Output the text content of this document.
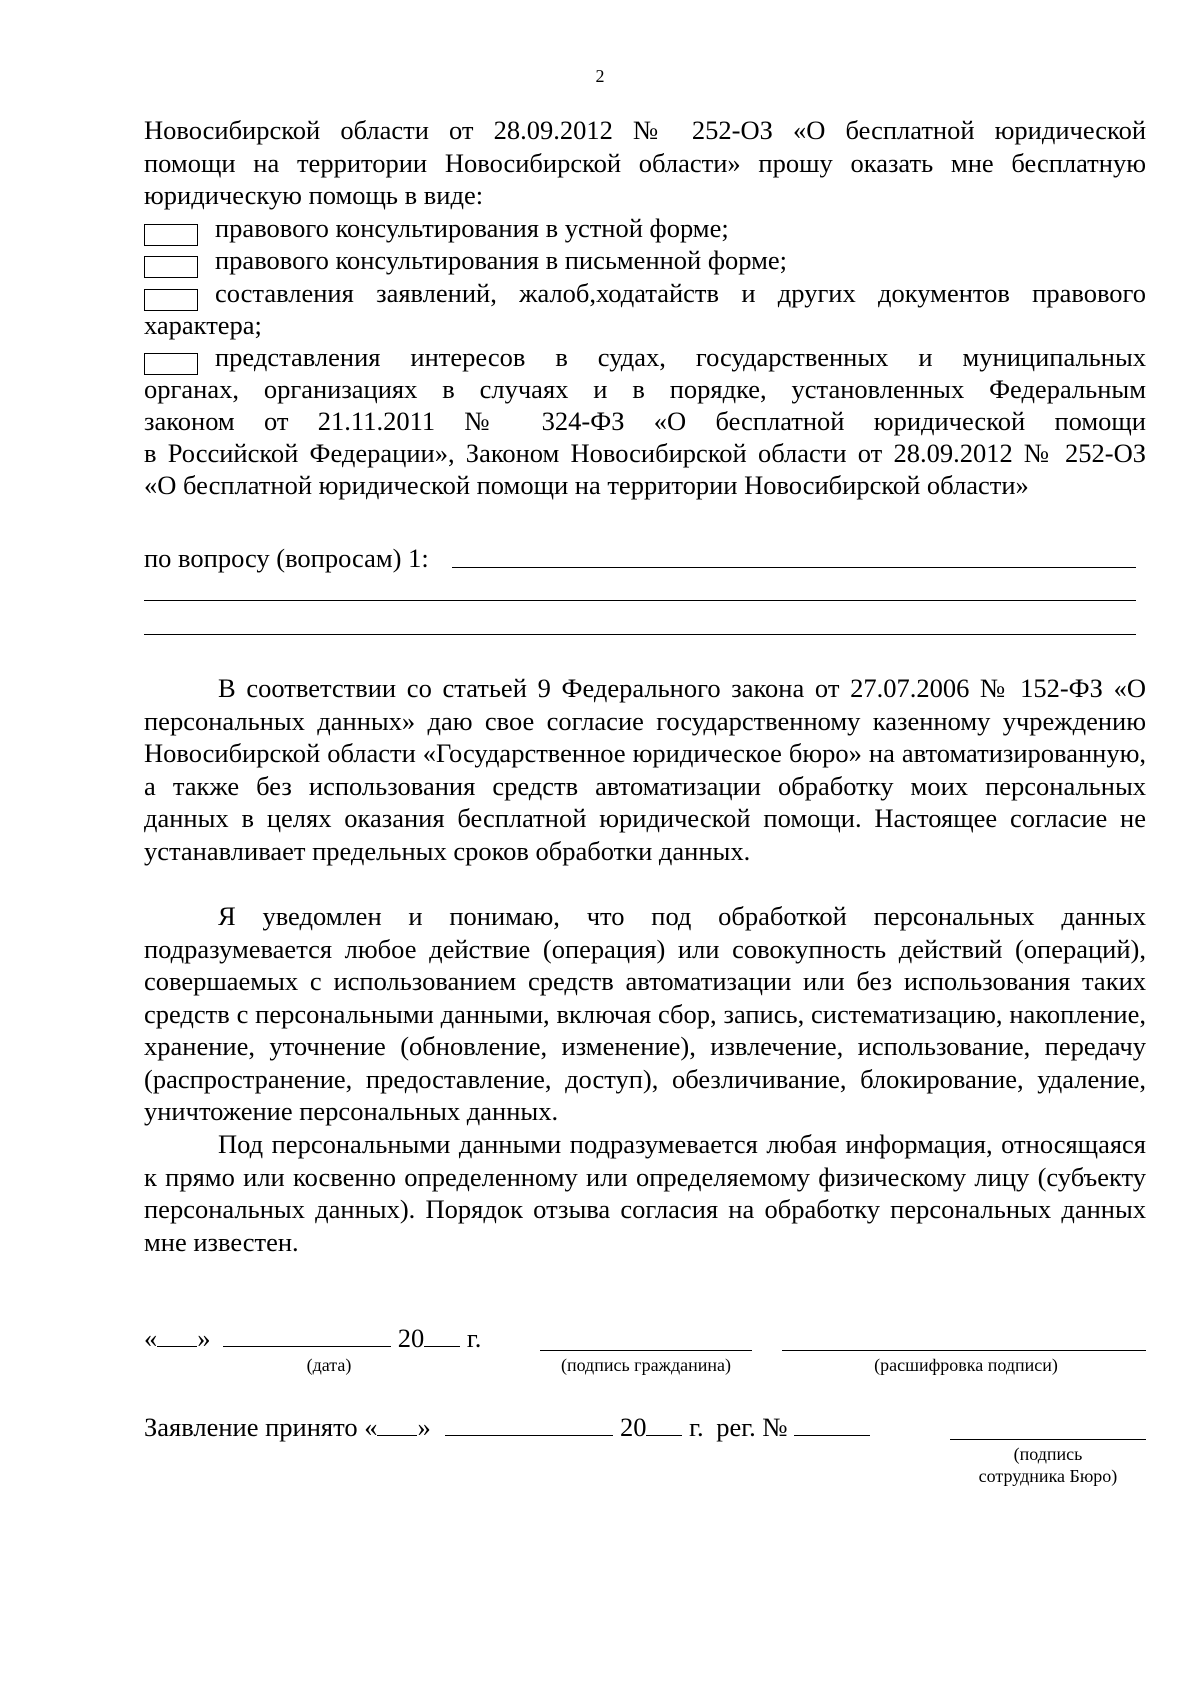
2
Новосибирской области от 28.09.2012 № 252-ОЗ «О бесплатной юридической
помощи на территории Новосибирской области» прошу оказать мне бесплатную
юридическую помощь в виде:
правового консультирования в устной форме;
правового консультирования в письменной форме;
составления заявлений, жалоб,ходатайств и других документов правового
характера;
представления интересов в судах, государственных и муниципальных
органах, организациях в случаях и в порядке, установленных Федеральным
законом от 21.11.2011 № 324-ФЗ «О бесплатной юридической помощи
в Российской Федерации», Законом Новосибирской области от 28.09.2012 № 252-ОЗ
«О бесплатной юридической помощи на территории Новосибирской области»
по вопросу (вопросам) 1:
В соответствии со статьей 9 Федерального закона от 27.07.2006 № 152-ФЗ «О персональных данных» даю свое согласие государственному казенному учреждению Новосибирской области «Государственное юридическое бюро» на автоматизированную, а также без использования средств автоматизации обработку моих персональных данных в целях оказания бесплатной юридической помощи. Настоящее согласие не устанавливает предельных сроков обработки данных.
Я уведомлен и понимаю, что под обработкой персональных данных подразумевается любое действие (операция) или совокупность действий (операций), совершаемых с использованием средств автоматизации или без использования таких средств с персональными данными, включая сбор, запись, систематизацию, накопление, хранение, уточнение (обновление, изменение), извлечение, использование, передачу (распространение, предоставление, доступ), обезличивание, блокирование, удаление, уничтожение персональных данных.
Под персональными данными подразумевается любая информация, относящаяся к прямо или косвенно определенному или определяемому физическому лицу (субъекту персональных данных). Порядок отзыва согласия на обработку персональных данных мне известен.
« »	20 г.
(дата)	(подпись гражданина)	(расшифровка подписи)
Заявление принято « »	20 г. рег. №
(подпись
сотрудника Бюро)
